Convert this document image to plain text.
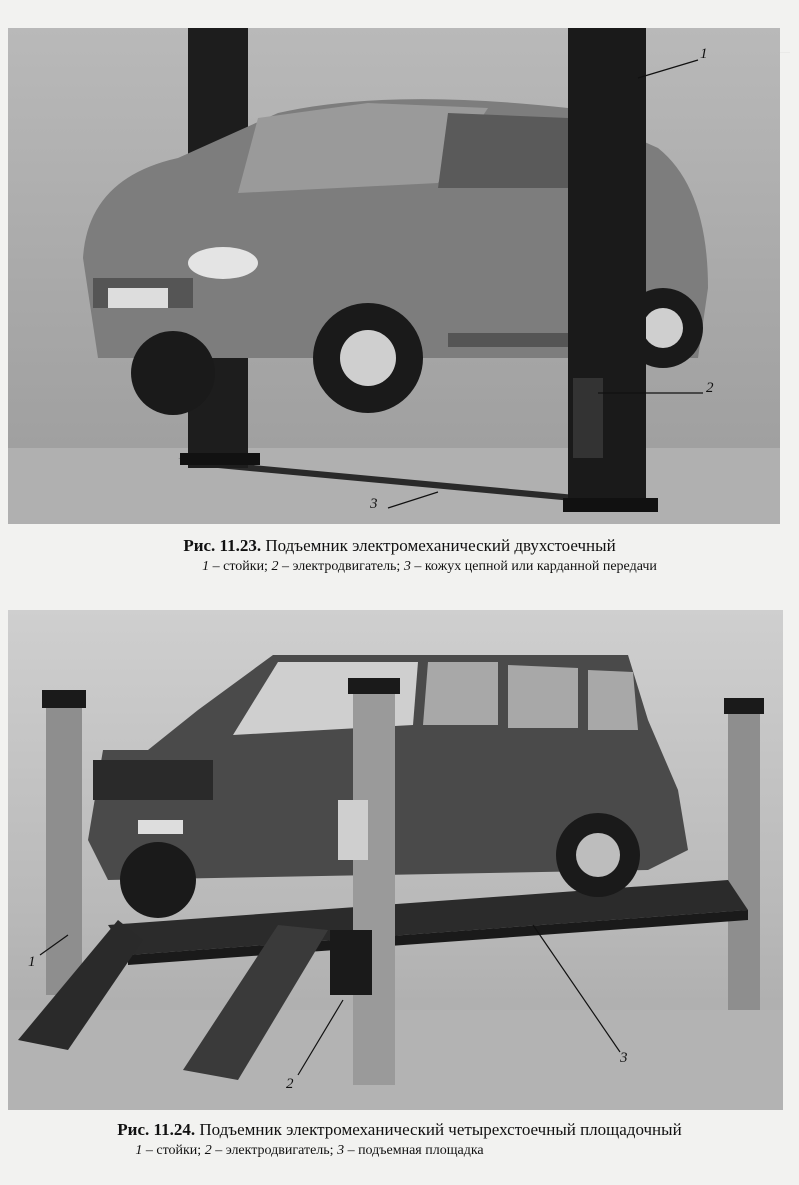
1
2
3
Рис. 11.23. Подъемник электромеханический двухстоечный
1 – стойки; 2 – электродвигатель; 3 – кожух цепной или карданной передачи
1
2
3
Рис. 11.24. Подъемник электромеханический четырехстоечный площадочный
1 – стойки; 2 – электродвигатель; 3 – подъемная площадка
